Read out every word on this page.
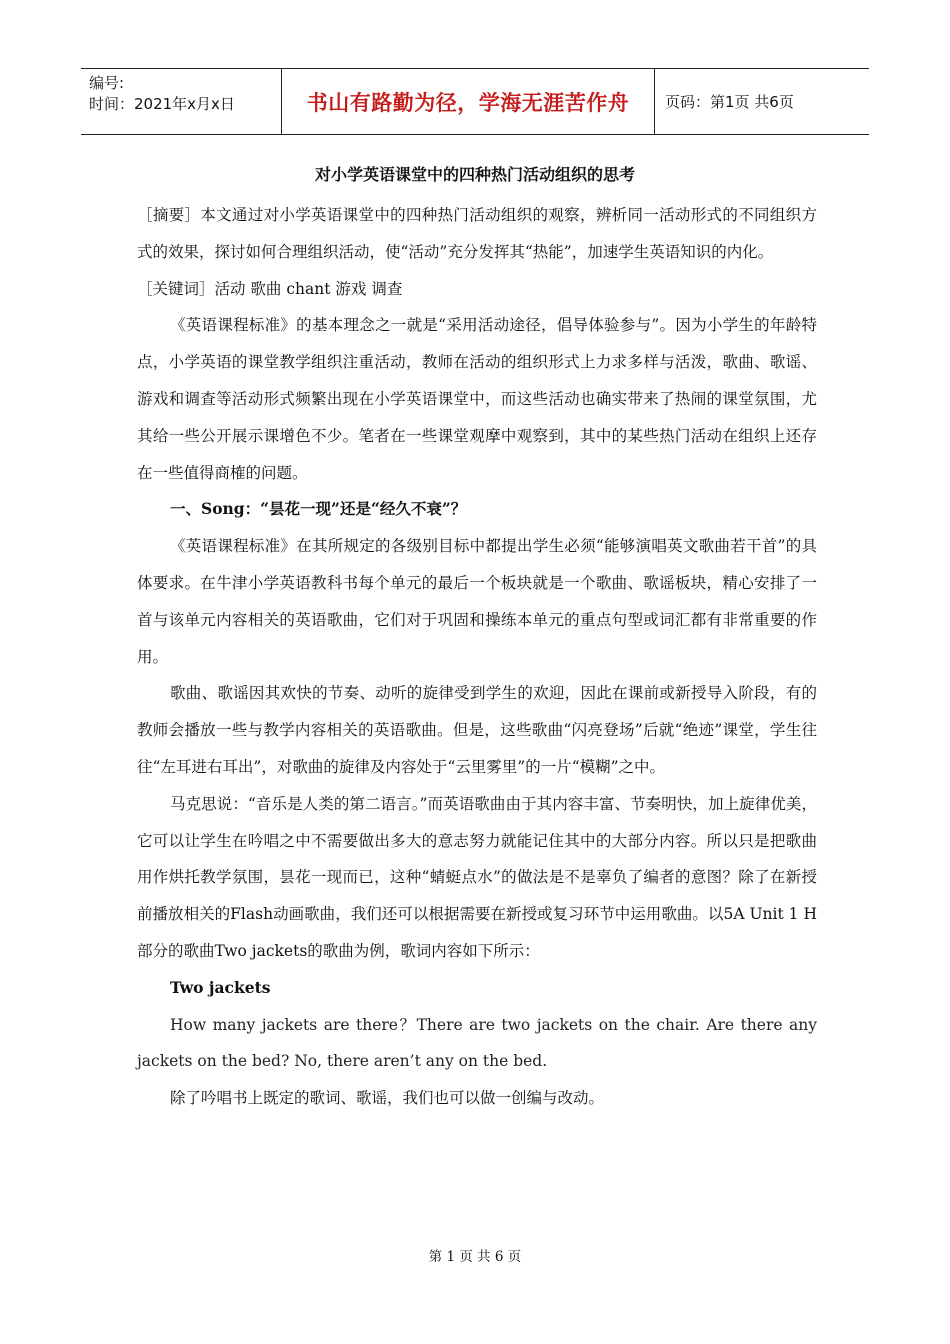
编号:
时间：2021年x月x日	书山有路勤为径，学海无涯苦作舟 页码：第1页 共6页
对小学英语课堂中的四种热门活动组织的思考

［摘要］本文通过对小学英语课堂中的四种热门活动组织的观察，辨析同一活动形式的不同组织方式的效果，探讨如何合理组织活动，使“活动”充分发挥其“热能”，加速学生英语知识的内化。

［关键词］活动 歌曲 chant 游戏 调查

《英语课程标准》的基本理念之一就是“采用活动途径，倡导体验参与”。因为小学生的年龄特点，小学英语的课堂教学组织注重活动，教师在活动的组织形式上力求多样与活泼，歌曲、歌谣、游戏和调查等活动形式频繁出现在小学英语课堂中，而这些活动也确实带来了热闹的课堂氛围，尤其给一些公开展示课增色不少。笔者在一些课堂观摩中观察到，其中的某些热门活动在组织上还存在一些值得商榷的问题。

一、Song：“昙花一现”还是“经久不衰”？

《英语课程标准》在其所规定的各级别目标中都提出学生必须“能够演唱英文歌曲若干首”的具体要求。在牛津小学英语教科书每个单元的最后一个板块就是一个歌曲、歌谣板块，精心安排了一首与该单元内容相关的英语歌曲，它们对于巩固和操练本单元的重点句型或词汇都有非常重要的作用。

歌曲、歌谣因其欢快的节奏、动听的旋律受到学生的欢迎，因此在课前或新授导入阶段，有的教师会播放一些与教学内容相关的英语歌曲。但是，这些歌曲“闪亮登场”后就“绝迹”课堂，学生往往“左耳进右耳出”，对歌曲的旋律及内容处于“云里雾里”的一片“模糊”之中。

马克思说：“音乐是人类的第二语言。”而英语歌曲由于其内容丰富、节奏明快，加上旋律优美，它可以让学生在吟唱之中不需要做出多大的意志努力就能记住其中的大部分内容。所以只是把歌曲用作烘托教学氛围，昙花一现而已，这种“蜻蜓点水”的做法是不是辜负了编者的意图？除了在新授前播放相关的Flash动画歌曲，我们还可以根据需要在新授或复习环节中运用歌曲。以5A Unit 1 H部分的歌曲Two jackets的歌曲为例，歌词内容如下所示：

Two jackets

How many jackets are there？There are two jackets on the chair. Are there any jackets on the bed? No, there aren’t any on the bed.

除了吟唱书上既定的歌词、歌谣，我们也可以做一创编与改动。

第 1 页 共 6 页
